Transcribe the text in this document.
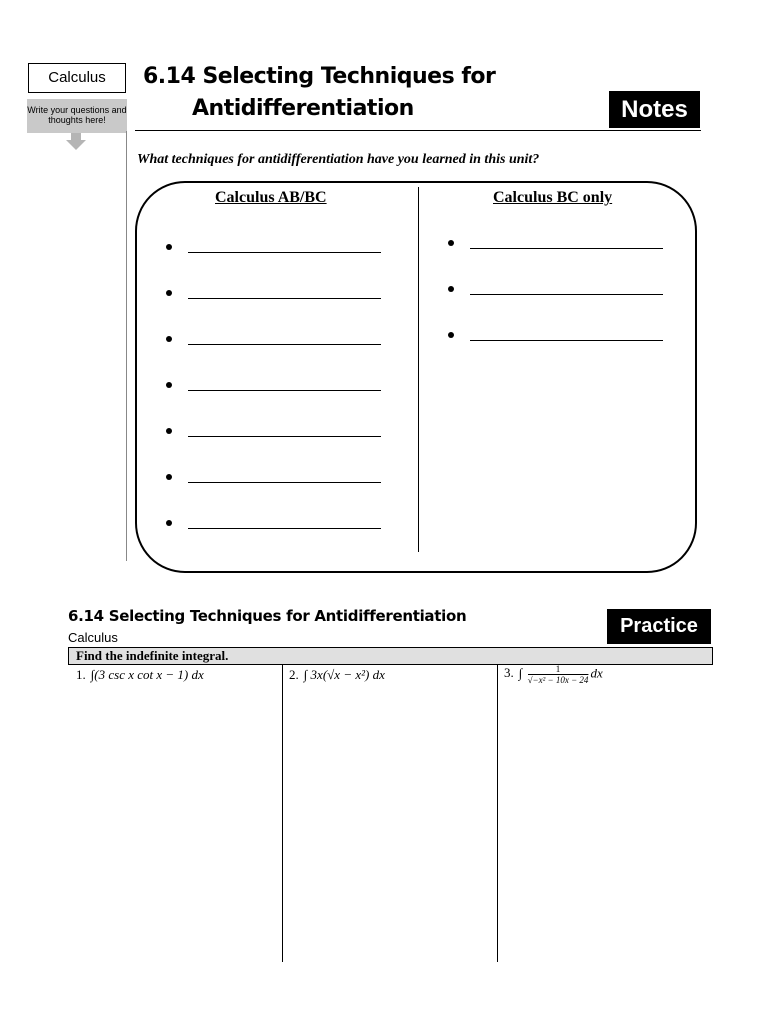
Calculus
Write your questions and thoughts here!
6.14 Selecting Techniques for
Antidifferentiation	Notes
What techniques for antidifferentiation have you learned in this unit?
Calculus AB/BC	Calculus BC only
6.14 Selecting Techniques for Antidifferentiation
Calculus
Practice
Find the indefinite integral.
1. ∫(3 csc x cot x − 1) dx	2. ∫ 3x(√x − x²) dx	3. ∫ $\frac{1}{\text{√−x² − 10x − 24}}$ dx
